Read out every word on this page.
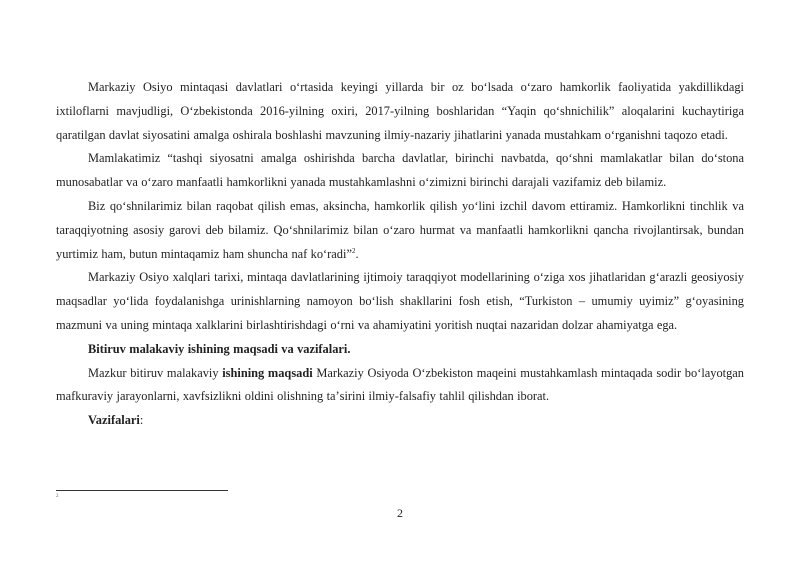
Markaziy Osiyo mintaqasi davlatlari oʻrtasida keyingi yillarda bir oz boʻlsada oʻzaro hamkorlik faoliyatida yakdillikdagi ixtiloflarni mavjudligi, Oʻzbekistonda 2016-yilning oxiri, 2017-yilning boshlaridan “Yaqin qoʻshnichilik” aloqalarini kuchaytiriga qaratilgan davlat siyosatini amalga oshirala boshlashi mavzuning ilmiy-nazariy jihatlarini yanada mustahkam oʻrganishni taqozo etadi.

Mamlakatimiz “tashqi siyosatni amalga oshirishda barcha davlatlar, birinchi navbatda, qoʻshni mamlakatlar bilan doʻstona munosabatlar va oʻzaro manfaatli hamkorlikni yanada mustahkamlashni oʻzimizni birinchi darajali vazifamiz deb bilamiz.

Biz qoʻshnilarimiz bilan raqobat qilish emas, aksincha, hamkorlik qilish yoʻlini izchil davom ettiramiz. Hamkorlikni tinchlik va taraqqiyotning asosiy garovi deb bilamiz. Qoʻshnilarimiz bilan oʻzaro hurmat va manfaatli hamkorlikni qancha rivojlantirsak, bundan yurtimiz ham, butun mintaqamiz ham shuncha naf koʻradi”$^2$.

Markaziy Osiyo xalqlari tarixi, mintaqa davlatlarining ijtimoiy taraqqiyot modellarining oʻziga xos jihatlaridan gʻarazli geosiyosiy maqsadlar yoʻlida foydalanishga urinishlarning namoyon boʻlish shakllarini fosh etish, “Turkiston – umumiy uyimiz” gʻoyasining mazmuni va uning mintaqa xalklarini birlashtirishdagi oʻrni va ahamiyatini yoritish nuqtai nazaridan dolzar ahamiyatga ega.

Bitiruv malakaviy ishining maqsadi va vazifalari.

Mazkur bitiruv malakaviy ishining maqsadi Markaziy Osiyoda Oʻzbekiston maqeini mustahkamlash mintaqada sodir boʻlayotgan mafkuraviy jarayonlarni, xavfsizlikni oldini olishning taʼsirini ilmiy-falsafiy tahlil qilishdan iborat.

Vazifalari:

2
2
